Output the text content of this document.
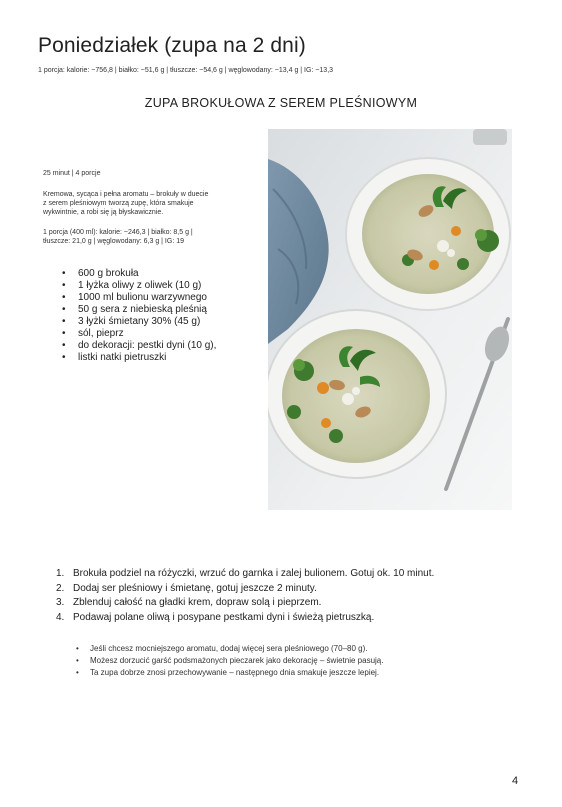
Poniedziałek (zupa na 2 dni)
1 porcja: kalorie: ~756,8 | białko: ~51,6 g | tłuszcze: ~54,6 g | węglowodany: ~13,4 g | IG: ~13,3
ZUPA BROKUŁOWA Z SEREM PLEŚNIOWYM
25 minut | 4 porcje
Kremowa, sycąca i pełna aromatu – brokuły w duecie
z serem pleśniowym tworzą zupę, która smakuje
wykwintnie, a robi się ją błyskawicznie.
1 porcja (400 ml): kalorie: ~246,3 | białko: 8,5 g |
tłuszcze: 21,0 g | węglowodany: 6,3 g | IG: 19
• 600 g brokuła
• 1 łyżka oliwy z oliwek (10 g)
• 1000 ml bulionu warzywnego
• 50 g sera z niebieską pleśnią
• 3 łyżki śmietany 30% (45 g)
• sól, pieprz
• do dekoracji: pestki dyni (10 g),
• listki natki pietruszki
1. Brokuła podziel na różyczki, wrzuć do garnka i zalej bulionem. Gotuj ok. 10 minut.
2. Dodaj ser pleśniowy i śmietanę, gotuj jeszcze 2 minuty.
3. Zblenduj całość na gładki krem, dopraw solą i pieprzem.
4. Podawaj polane oliwą i posypane pestkami dyni i świeżą pietruszką.
• Jeśli chcesz mocniejszego aromatu, dodaj więcej sera pleśniowego (70–80 g).
• Możesz dorzucić garść podsmażonych pieczarek jako dekorację – świetnie pasują.
• Ta zupa dobrze znosi przechowywanie – następnego dnia smakuje jeszcze lepiej.
4
